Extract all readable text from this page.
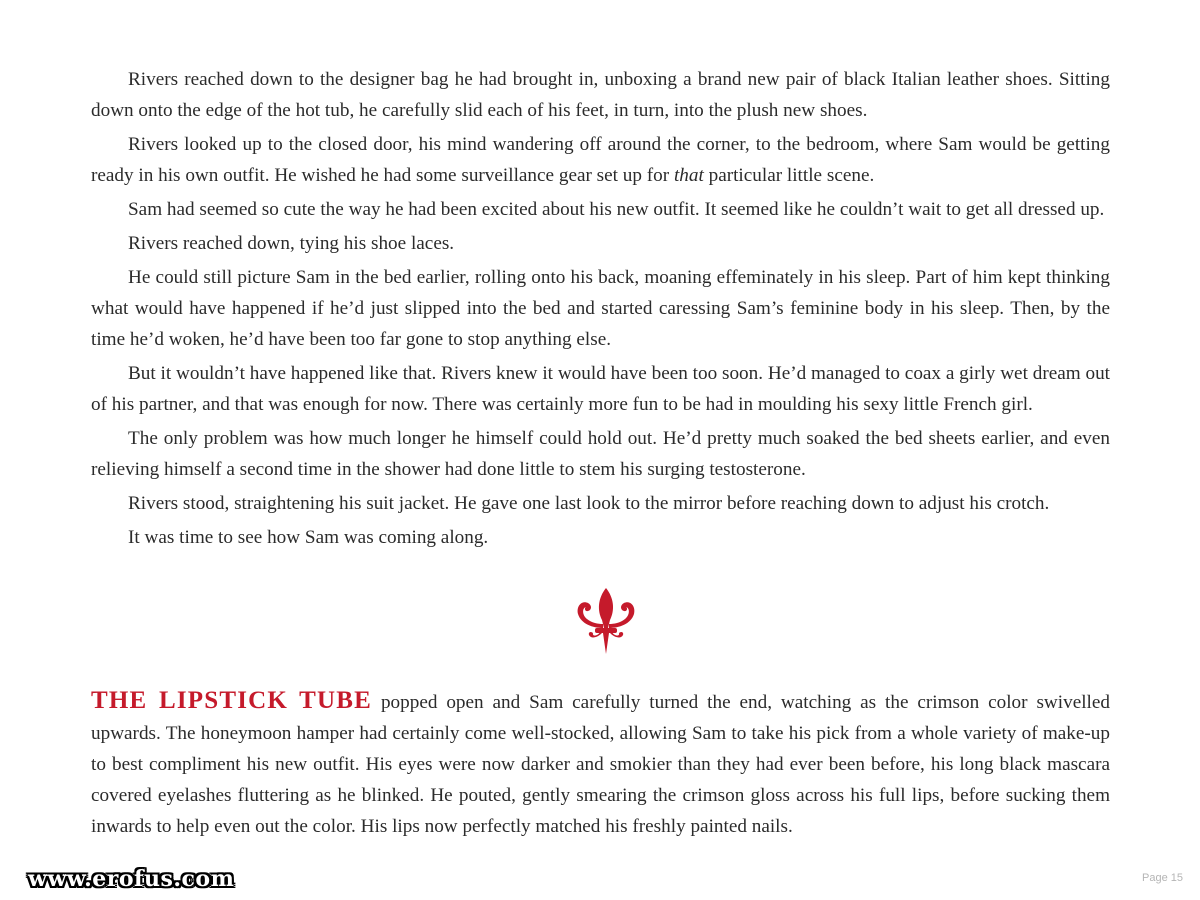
Rivers reached down to the designer bag he had brought in, unboxing a brand new pair of black Italian leather shoes. Sitting down onto the edge of the hot tub, he carefully slid each of his feet, in turn, into the plush new shoes.

Rivers looked up to the closed door, his mind wandering off around the corner, to the bedroom, where Sam would be getting ready in his own outfit. He wished he had some surveillance gear set up for that particular little scene.

Sam had seemed so cute the way he had been excited about his new outfit. It seemed like he couldn’t wait to get all dressed up.

Rivers reached down, tying his shoe laces.

He could still picture Sam in the bed earlier, rolling onto his back, moaning effeminately in his sleep. Part of him kept thinking what would have happened if he’d just slipped into the bed and started caressing Sam’s feminine body in his sleep. Then, by the time he’d woken, he’d have been too far gone to stop anything else.

But it wouldn’t have happened like that. Rivers knew it would have been too soon. He’d managed to coax a girly wet dream out of his partner, and that was enough for now. There was certainly more fun to be had in moulding his sexy little French girl.

The only problem was how much longer he himself could hold out. He’d pretty much soaked the bed sheets earlier, and even relieving himself a second time in the shower had done little to stem his surging testosterone.

Rivers stood, straightening his suit jacket. He gave one last look to the mirror before reaching down to adjust his crotch.

It was time to see how Sam was coming along.

THE LIPSTICK TUBE popped open and Sam carefully turned the end, watching as the crimson color swivelled upwards. The honeymoon hamper had certainly come well-stocked, allowing Sam to take his pick from a whole variety of make-up to best compliment his new outfit. His eyes were now darker and smokier than they had ever been before, his long black mascara covered eyelashes fluttering as he blinked. He pouted, gently smearing the crimson gloss across his full lips, before sucking them inwards to help even out the color. His lips now perfectly matched his freshly painted nails.
www.erofus.com	Page 15
